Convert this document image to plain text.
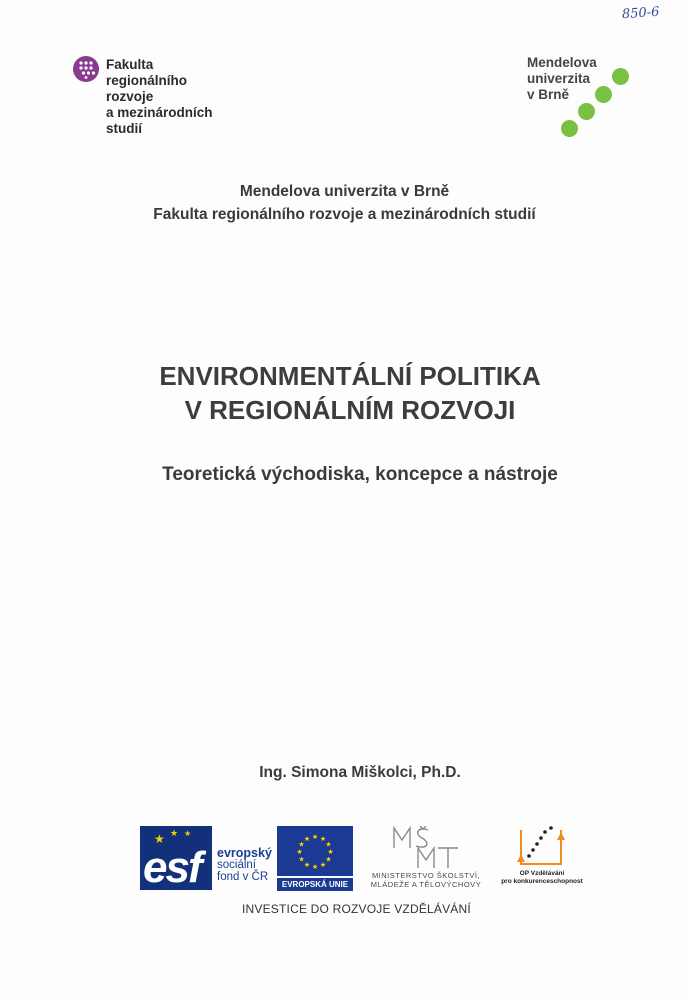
850-6
Fakulta
regionálního
rozvoje
a mezinárodních
studií
Mendelova
univerzita
v Brně
Mendelova univerzita v Brně
Fakulta regionálního rozvoje a mezinárodních studií
ENVIRONMENTÁLNÍ POLITIKA
V REGIONÁLNÍM ROZVOJI
Teoretická východiska, koncepce a nástroje
Ing. Simona Miškolci, Ph.D.
★ ★ ★
esf evropský
sociální
fond v ČR
★ ★
★
★
★
★
★
★
★
★
★
★
EVROPSKÁ UNIE
MINISTERSTVO ŠKOLSTVÍ,
MLÁDEŽE A TĚLOVÝCHOVY
OP Vzdělávání
pro konkurenceschopnost
INVESTICE DO ROZVOJE VZDĚLÁVÁNÍ
